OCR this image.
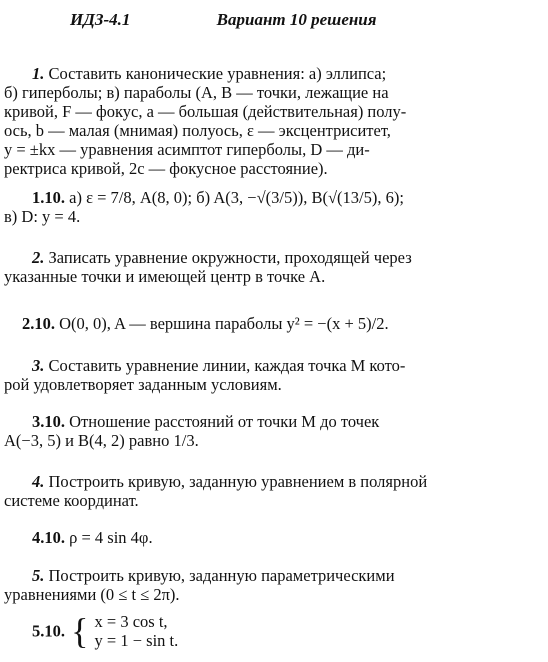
ИДЗ-4.1	Вариант 10 решения
1. Составить канонические уравнения: а) эллипса;
б) гиперболы; в) параболы (A, B — точки, лежащие на
кривой, F — фокус, a — большая (действительная) полу-
ось, b — малая (мнимая) полуось, ε — эксцентриситет,
y = ±kx — уравнения асимптот гиперболы, D — ди-
ректриса кривой, 2c — фокусное расстояние).
1.10. а) ε = 7/8, A(8, 0); б) A(3, −√(3/5)), B(√(13/5), 6);
в) D: y = 4.
2. Записать уравнение окружности, проходящей через
указанные точки и имеющей центр в точке A.
2.10. O(0, 0), A — вершина параболы y² = −(x + 5)/2.
3. Составить уравнение линии, каждая точка M кото-
рой удовлетворяет заданным условиям.
3.10. Отношение расстояний от точки M до точек
A(−3, 5) и B(4, 2) равно 1/3.
4. Построить кривую, заданную уравнением в полярной
системе координат.
4.10. ρ = 4 sin 4φ.
5. Построить кривую, заданную параметрическими
уравнениями (0 ≤ t ≤ 2π).
5.10. { x = 3 cos t,
y = 1 − sin t.
